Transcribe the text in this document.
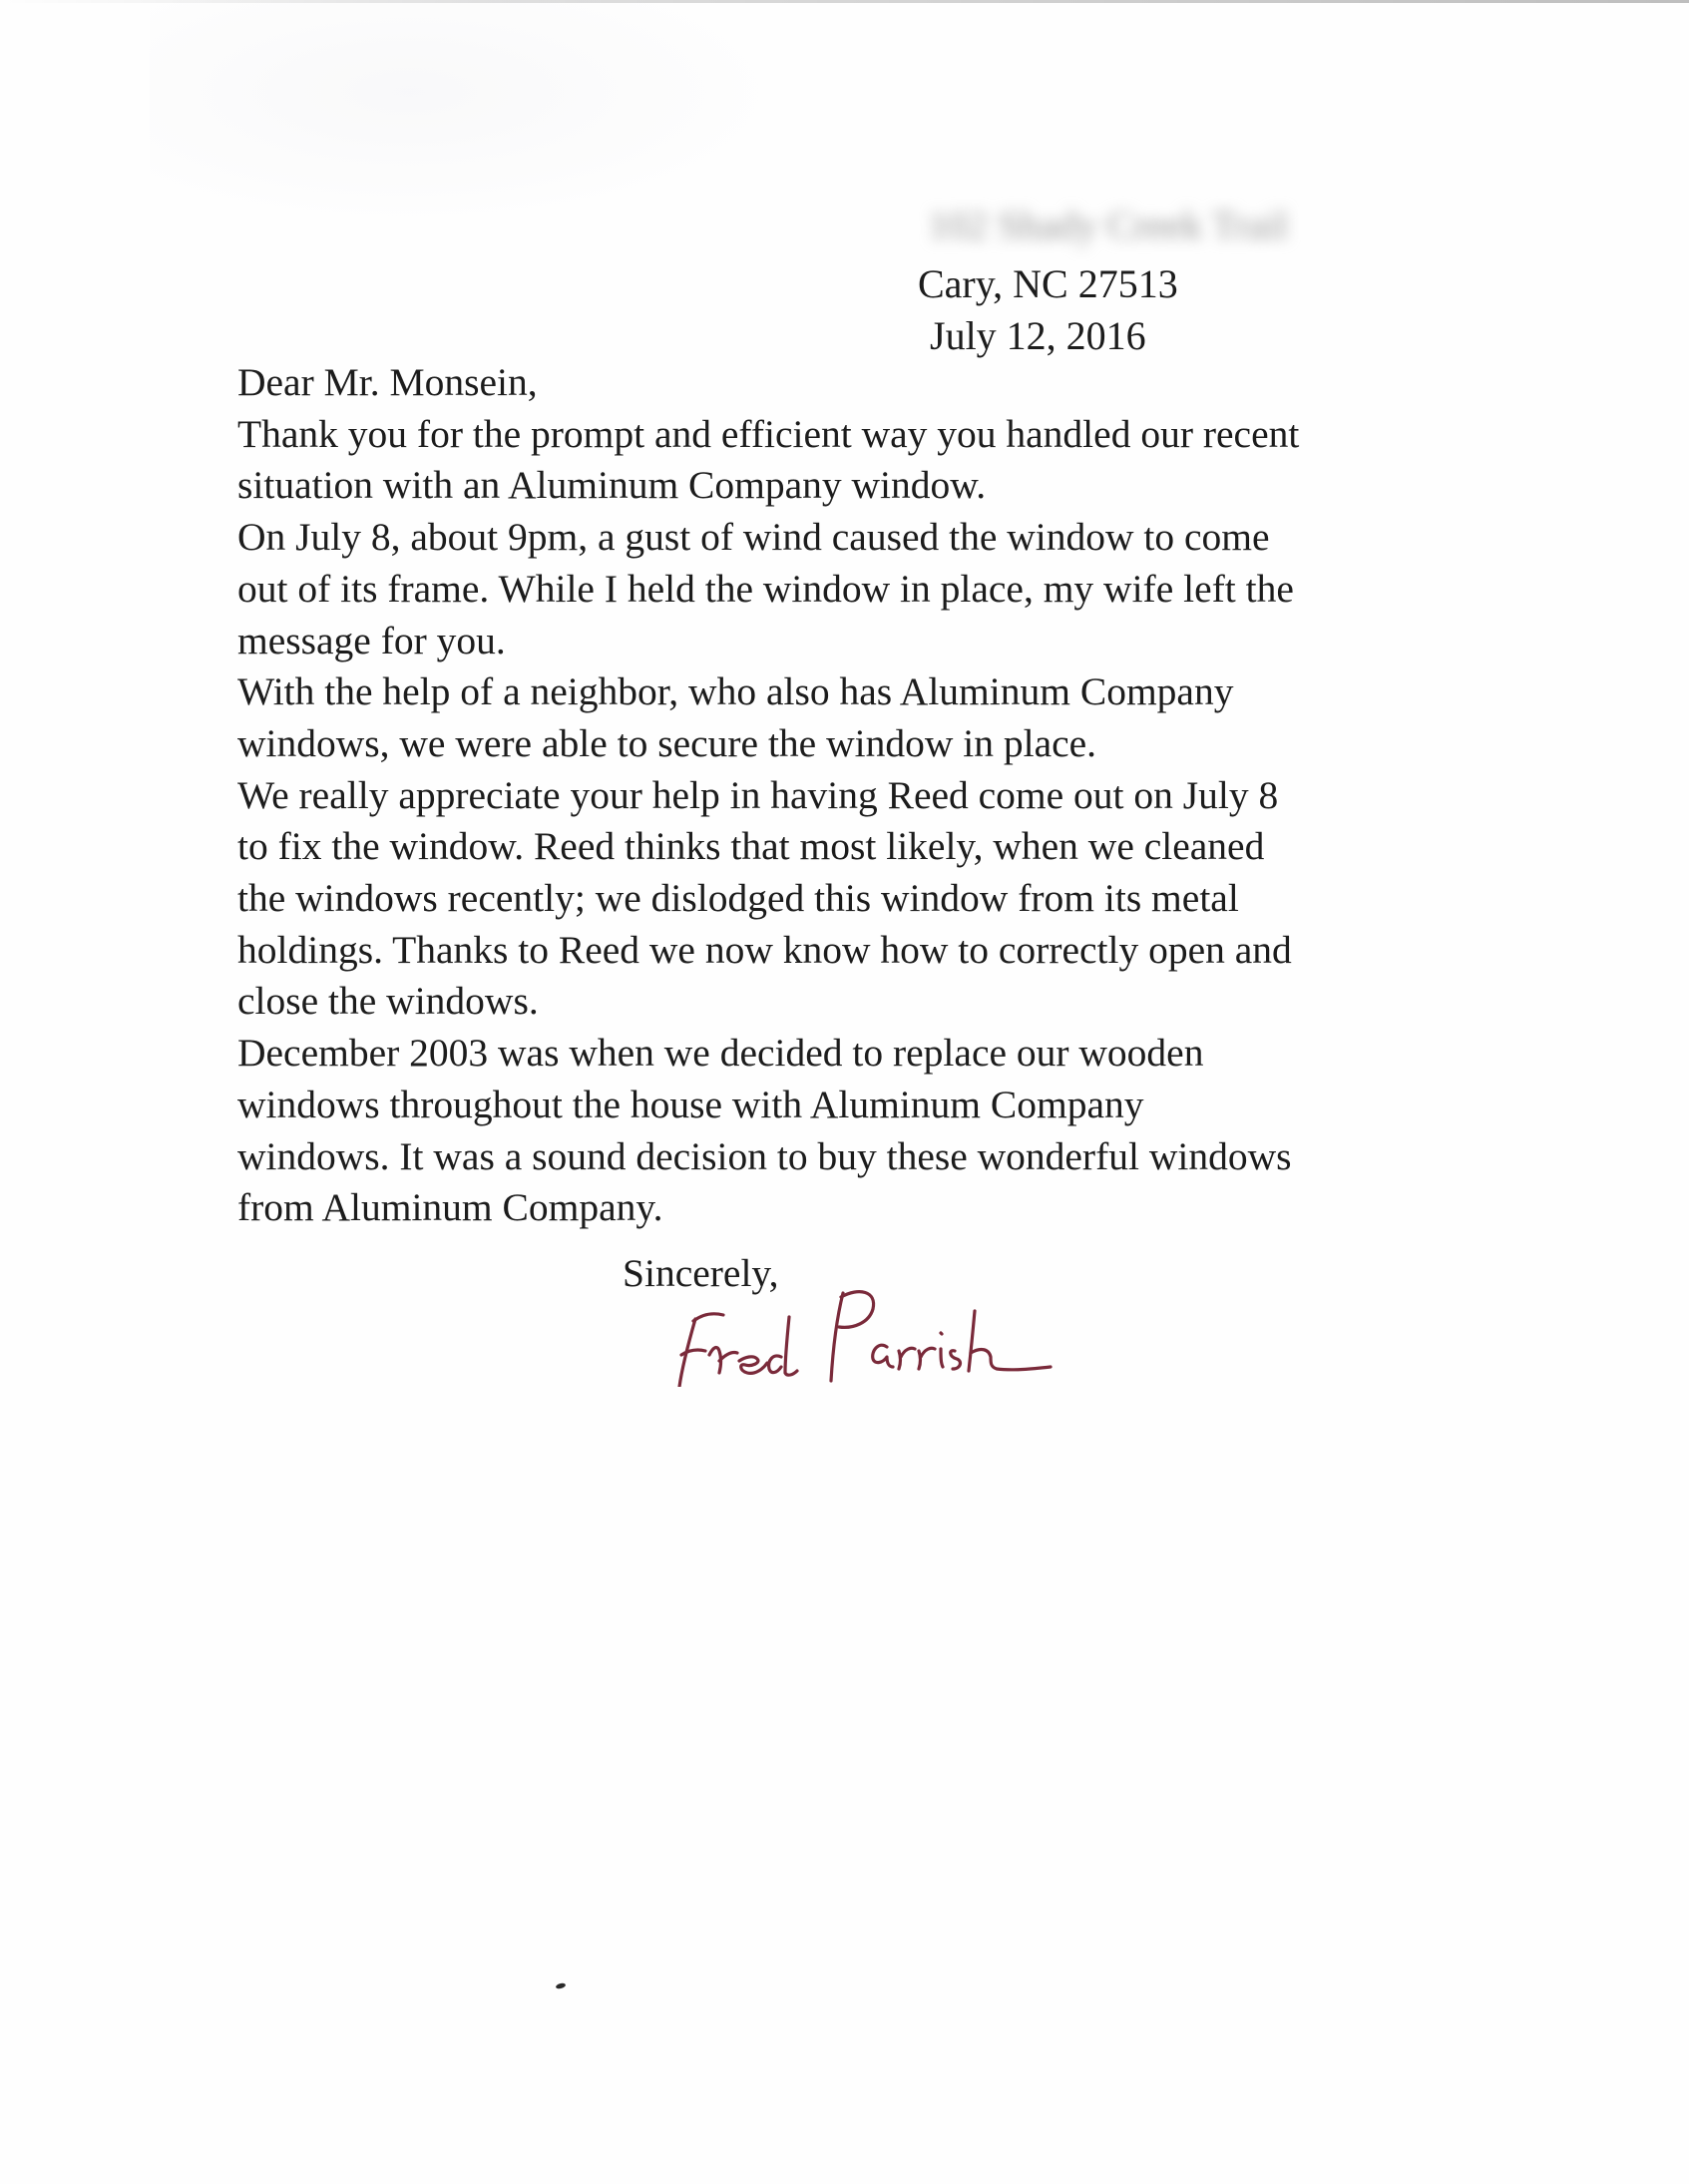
102 Shady Creek Trail
Cary, NC 27513
July 12, 2016

Dear Mr. Monsein,

Thank you for the prompt and efficient way you handled our recent
situation with an Aluminum Company window.

On July 8, about 9pm, a gust of wind caused the window to come
out of its frame. While I held the window in place, my wife left the
message for you.

With the help of a neighbor, who also has Aluminum Company
windows, we were able to secure the window in place.

We really appreciate your help in having Reed come out on July 8
to fix the window. Reed thinks that most likely, when we cleaned
the windows recently; we dislodged this window from its metal
holdings. Thanks to Reed we now know how to correctly open and
close the windows.

December 2003 was when we decided to replace our wooden
windows throughout the house with Aluminum Company
windows. It was a sound decision to buy these wonderful windows
from Aluminum Company.

Sincerely,
